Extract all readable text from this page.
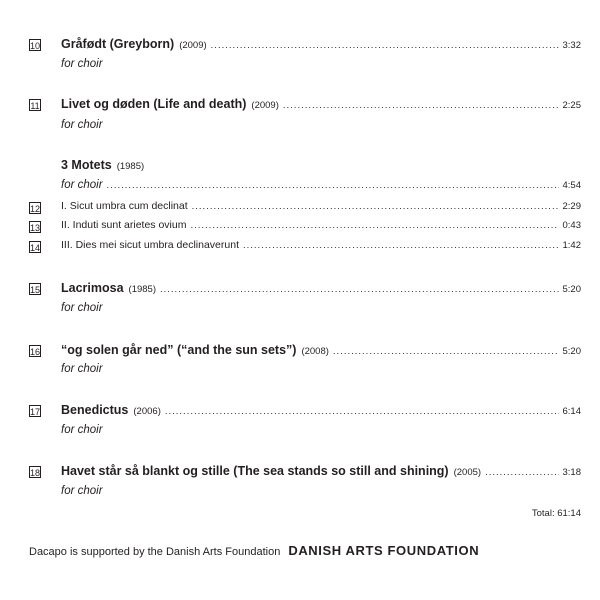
10 Gråfødt (Greyborn) (2009) .....	3:32
for choir
11 Livet og døden (Life and death) (2009) .....	2:25
for choir
3 Motets (1985)
for choir .....	4:54
12 I. Sicut umbra cum declinat .....	2:29
13 II. Induti sunt arietes ovium .....	0:43
14 III. Dies mei sicut umbra declinaverunt .....	1:42
15 Lacrimosa (1985) .....	5:20
for choir
16 “og solen går ned” (“and the sun sets”) (2008) .....	5:20
for choir
17 Benedictus (2006) .....	6:14
for choir
18 Havet står så blankt og stille (The sea stands so still and shining) (2005) .....	3:18
for choir
Total: 61:14
Dacapo is supported by the Danish Arts Foundation DANISH ARTS FOUNDATION
